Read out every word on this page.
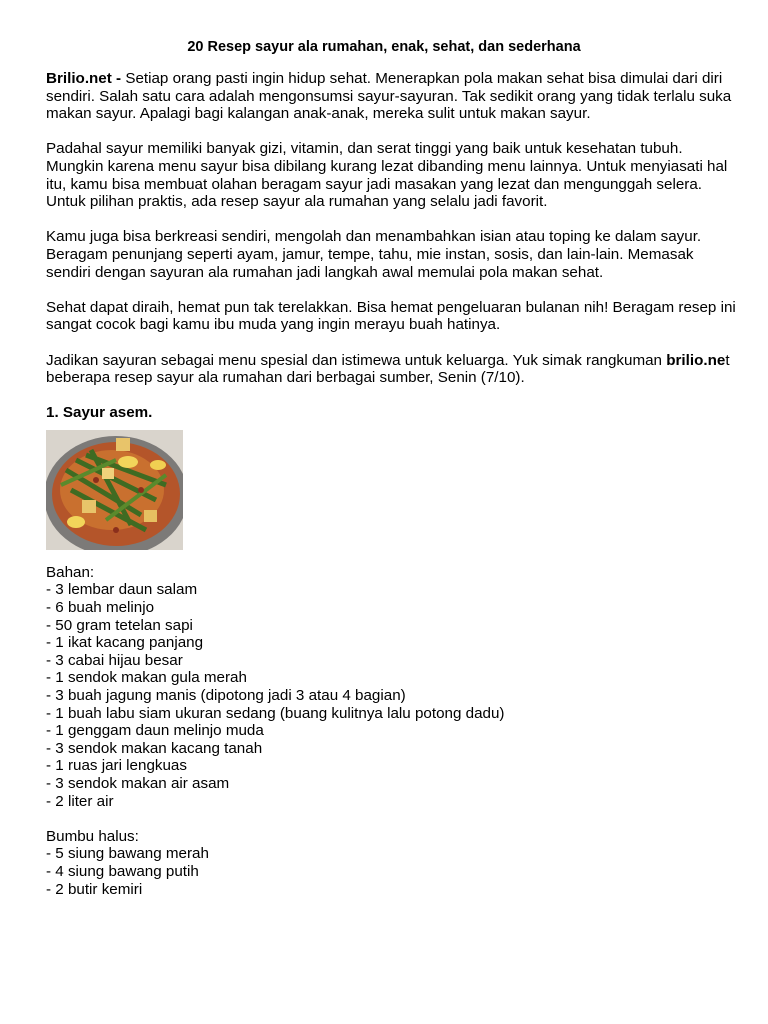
20 Resep sayur ala rumahan, enak, sehat, dan sederhana

Brilio.net - Setiap orang pasti ingin hidup sehat. Menerapkan pola makan sehat bisa dimulai dari diri sendiri. Salah satu cara adalah mengonsumsi sayur-sayuran. Tak sedikit orang yang tidak terlalu suka makan sayur. Apalagi bagi kalangan anak-anak, mereka sulit untuk makan sayur.

Padahal sayur memiliki banyak gizi, vitamin, dan serat tinggi yang baik untuk kesehatan tubuh. Mungkin karena menu sayur bisa dibilang kurang lezat dibanding menu lainnya. Untuk menyiasati hal itu, kamu bisa membuat olahan beragam sayur jadi masakan yang lezat dan mengunggah selera. Untuk pilihan praktis, ada resep sayur ala rumahan yang selalu jadi favorit.

Kamu juga bisa berkreasi sendiri, mengolah dan menambahkan isian atau toping ke dalam sayur. Beragam penunjang seperti ayam, jamur, tempe, tahu, mie instan, sosis, dan lain-lain. Memasak sendiri dengan sayuran ala rumahan jadi langkah awal memulai pola makan sehat.

Sehat dapat diraih, hemat pun tak terelakkan. Bisa hemat pengeluaran bulanan nih! Beragam resep ini sangat cocok bagi kamu ibu muda yang ingin merayu buah hatinya.

Jadikan sayuran sebagai menu spesial dan istimewa untuk keluarga. Yuk simak rangkuman brilio.net beberapa resep sayur ala rumahan dari berbagai sumber, Senin (7/10).

1. Sayur asem.
Bahan:
- 3 lembar daun salam
- 6 buah melinjo
- 50 gram tetelan sapi
- 1 ikat kacang panjang
- 3 cabai hijau besar
- 1 sendok makan gula merah
- 3 buah jagung manis (dipotong jadi 3 atau 4 bagian)
- 1 buah labu siam ukuran sedang (buang kulitnya lalu potong dadu)
- 1 genggam daun melinjo muda
- 3 sendok makan kacang tanah
- 1 ruas jari lengkuas
- 3 sendok makan air asam
- 2 liter air
Bumbu halus:
- 5 siung bawang merah
- 4 siung bawang putih
- 2 butir kemiri
